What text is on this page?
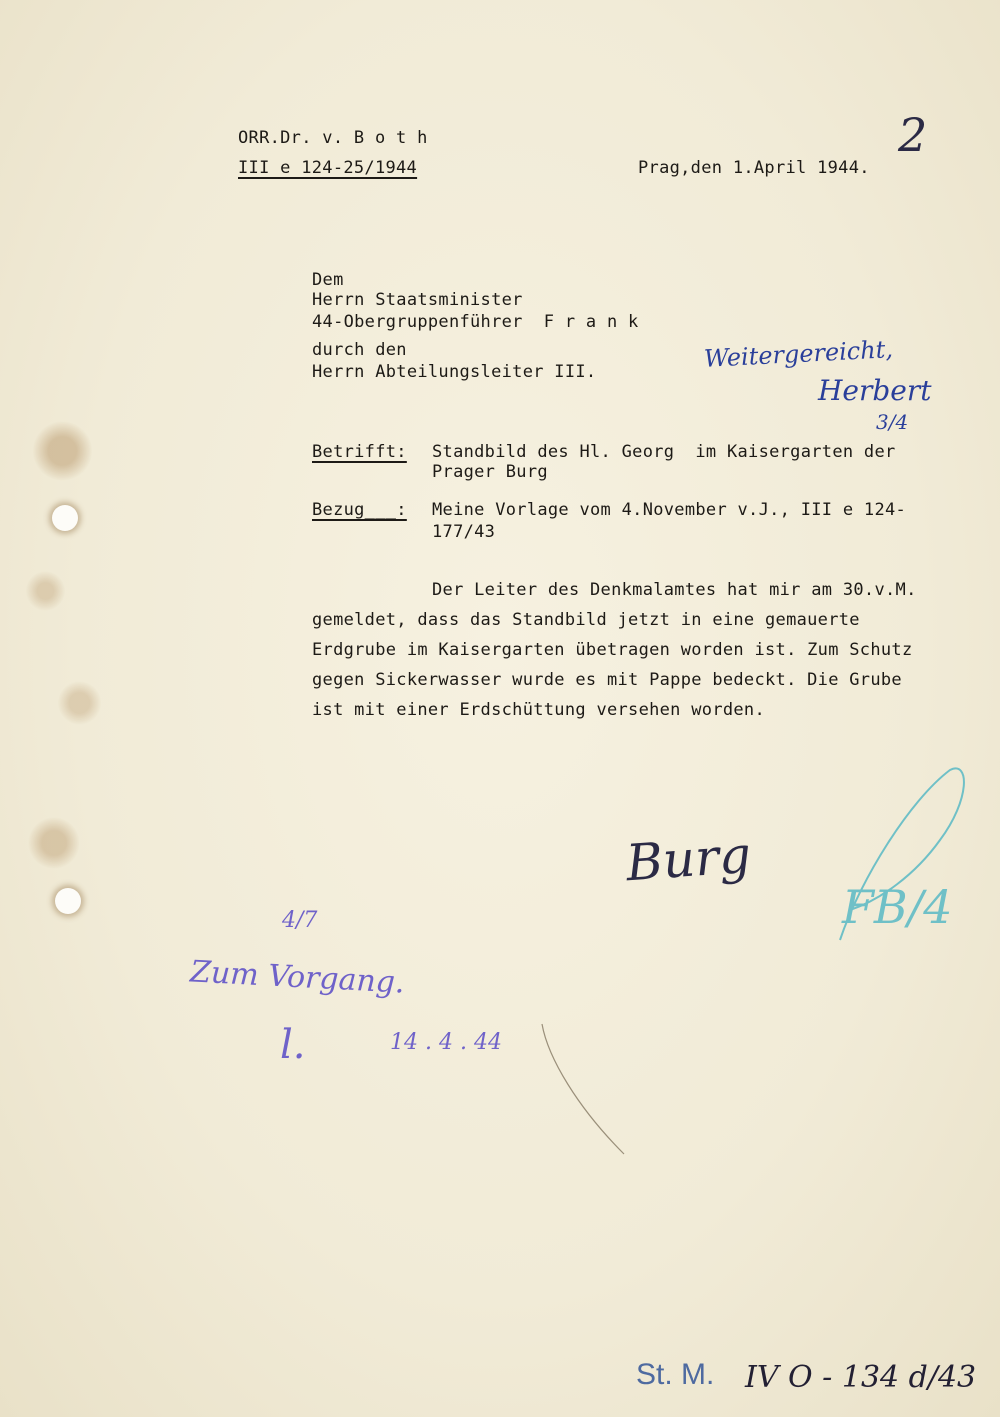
ORR.Dr. v. B o t h
III e 124-25/1944	Prag,den 1.April 1944.
2
Dem
Herrn Staatsminister
44-Obergruppenführer  F r a n k
durch den
Herrn Abteilungsleiter III.	Weitergereicht,
Herbert
3/4
Betrifft: Standbild des Hl. Georg  im Kaisergarten der
Prager Burg
Bezug___: Meine Vorlage vom 4.November v.J., III e 124-
177/43
Der Leiter des Denkmalamtes hat mir am 30.v.M.
gemeldet, dass das Standbild jetzt in eine gemauerte
Erdgrube im Kaisergarten übetragen worden ist. Zum Schutz
gegen Sickerwasser wurde es mit Pappe bedeckt. Die Grube
ist mit einer Erdschüttung versehen worden.
Burg
FB/4
4/7
Zum Vorgang.
l.	14 . 4 . 44
St. M. IV O - 134 d/43
